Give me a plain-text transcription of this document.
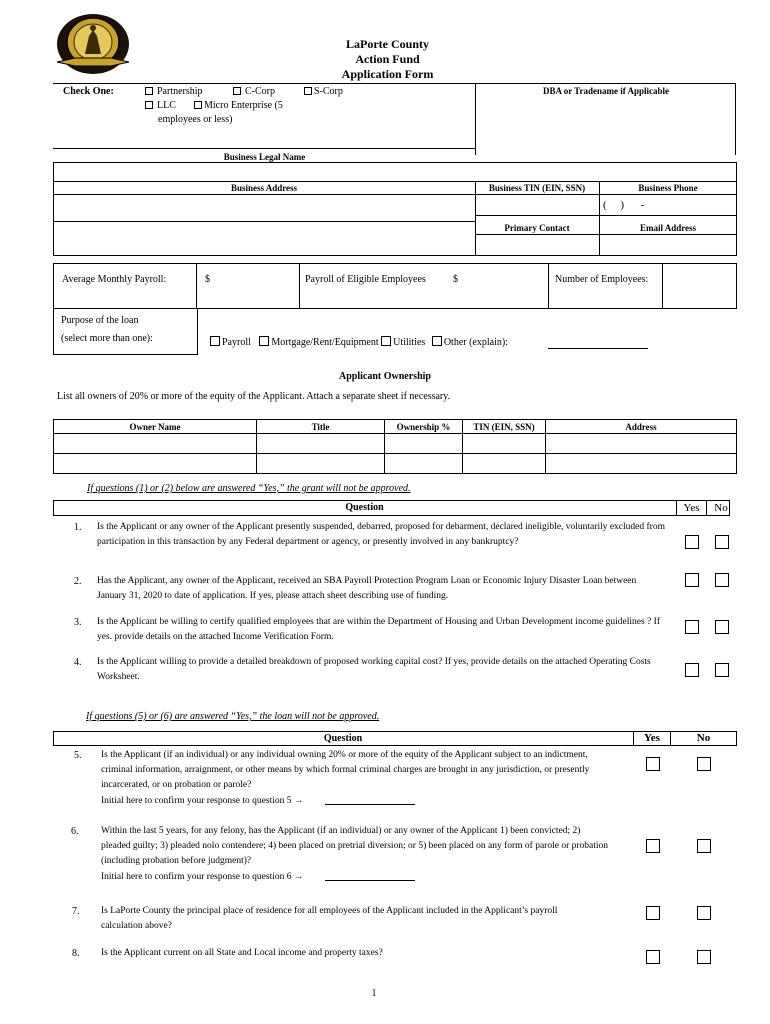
LaPorte County
Action Fund
Application Form
Check One:	Partnership	C-Corp	S-Corp
LLC	Micro Enterprise (5
employees or less)
DBA or Tradename if Applicable
Business Legal Name
Business Address	Business TIN (EIN, SSN)	Business Phone
(     )      -
Primary Contact	Email Address
Average Monthly Payroll:	$	Payroll of Eligible Employees	$	Number of Employees:
Purpose of the loan
(select more than one):	Payroll Mortgage/Rent/Equipment Utilities Other (explain):
Applicant Ownership
List all owners of 20% or more of the equity of the Applicant. Attach a separate sheet if necessary.
Owner Name	Title	Ownership %	TIN (EIN, SSN)	Address

If questions (1) or (2) below are answered “Yes,” the grant will not be approved.
Question	Yes	No
1. Is the Applicant or any owner of the Applicant presently suspended, debarred, proposed for debarment, declared ineligible, voluntarily excluded from participation in this transaction by any Federal department or agency, or presently involved in any bankruptcy?
2. Has the Applicant, any owner of the Applicant, received an SBA Payroll Protection Program Loan or Economic Injury Disaster Loan between January 31, 2020 to date of application. If yes, please attach sheet describing use of funding.
3. Is the Applicant be willing to certify qualified employees that are within the Department of Housing and Urban Development income guidelines ? If yes. provide details on the attached Income Verification Form.
4. Is the Applicant willing to provide a detailed breakdown of proposed working capital cost? If yes, provide details on the attached Operating Costs Worksheet.
If questions (5) or (6) are answered “Yes,” the loan will not be approved.
Question	Yes	No
5. Is the Applicant (if an individual) or any individual owning 20% or more of the equity of the Applicant subject to an indictment, criminal information, arraignment, or other means by which formal criminal charges are brought in any jurisdiction, or presently incarcerated, or on probation or parole?
Initial here to confirm your response to question 5 →
6. Within the last 5 years, for any felony, has the Applicant (if an individual) or any owner of the Applicant 1) been convicted; 2) pleaded guilty; 3) pleaded nolo contendere; 4) been placed on pretrial diversion; or 5) been placed on any form of parole or probation (including probation before judgment)?
Initial here to confirm your response to question 6 →
7. Is LaPorte County the principal place of residence for all employees of the Applicant included in the Applicant’s payroll calculation above?
8. Is the Applicant current on all State and Local income and property taxes?
1
